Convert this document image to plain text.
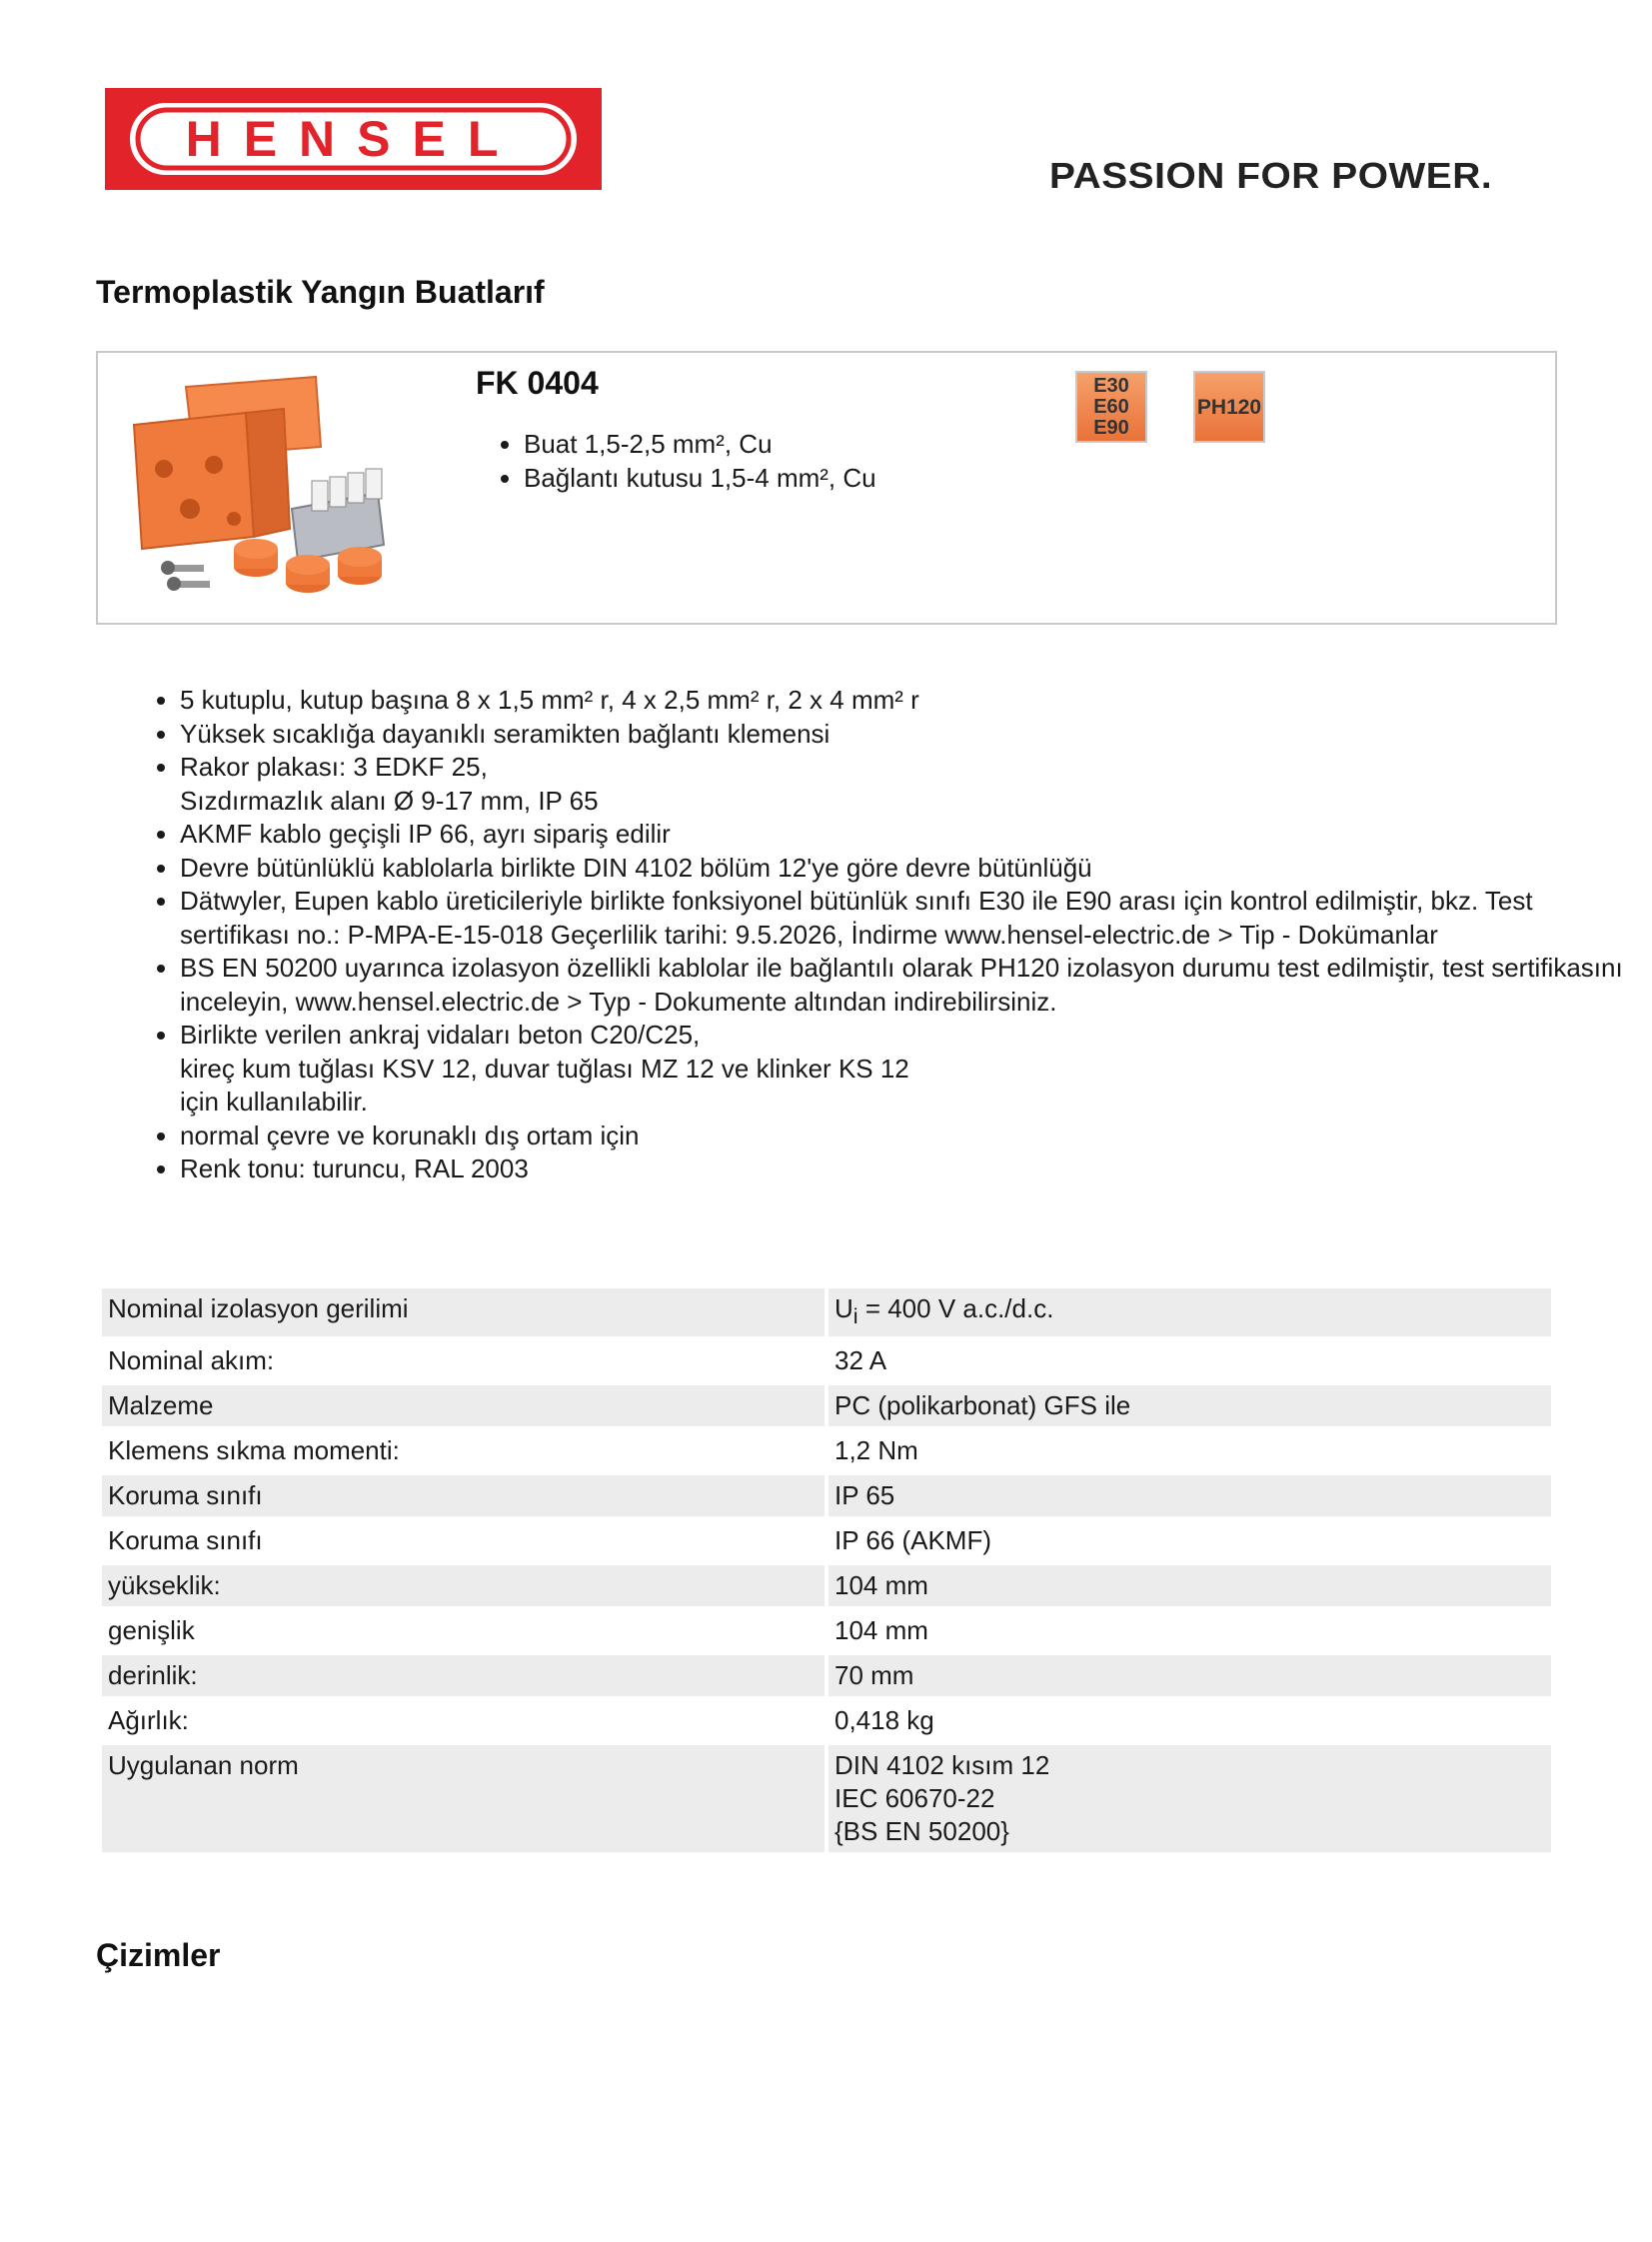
HENSEL
PASSION FOR POWER.
Termoplastik Yangın Buatlarıf
FK 0404
• Buat 1,5-2,5 mm², Cu
• Bağlantı kutusu 1,5-4 mm², Cu
E30
E60
E90
PH120
• 5 kutuplu, kutup başına 8 x 1,5 mm² r, 4 x 2,5 mm² r, 2 x 4 mm² r
• Yüksek sıcaklığa dayanıklı seramikten bağlantı klemensi
• Rakor plakası: 3 EDKF 25,
Sızdırmazlık alanı Ø 9-17 mm, IP 65
• AKMF kablo geçişli IP 66, ayrı sipariş edilir
• Devre bütünlüklü kablolarla birlikte DIN 4102 bölüm 12'ye göre devre bütünlüğü
• Dätwyler, Eupen kablo üreticileriyle birlikte fonksiyonel bütünlük sınıfı E30 ile E90 arası için kontrol edilmiştir, bkz. Test sertifikası no.: P-MPA-E-15-018 Geçerlilik tarihi: 9.5.2026, İndirme www.hensel-electric.de > Tip - Dokümanlar
• BS EN 50200 uyarınca izolasyon özellikli kablolar ile bağlantılı olarak PH120 izolasyon durumu test edilmiştir, test sertifikasını inceleyin, www.hensel.electric.de > Typ - Dokumente altından indirebilirsiniz.
• Birlikte verilen ankraj vidaları beton C20/C25,
kireç kum tuğlası KSV 12, duvar tuğlası MZ 12 ve klinker KS 12
için kullanılabilir.
• normal çevre ve korunaklı dış ortam için
• Renk tonu: turuncu, RAL 2003
Nominal izolasyon gerilimi	$U_i = 400$ V a.c./d.c.
Nominal akım:	32 A
Malzeme	PC (polikarbonat) GFS ile
Klemens sıkma momenti:	1,2 Nm
Koruma sınıfı	IP 65
Koruma sınıfı	IP 66 (AKMF)
yükseklik:	104 mm
genişlik	104 mm
derinlik:	70 mm
Ağırlık:	0,418 kg
Uygulanan norm	DIN 4102 kısım 12
IEC 60670-22
{BS EN 50200}
Çizimler
